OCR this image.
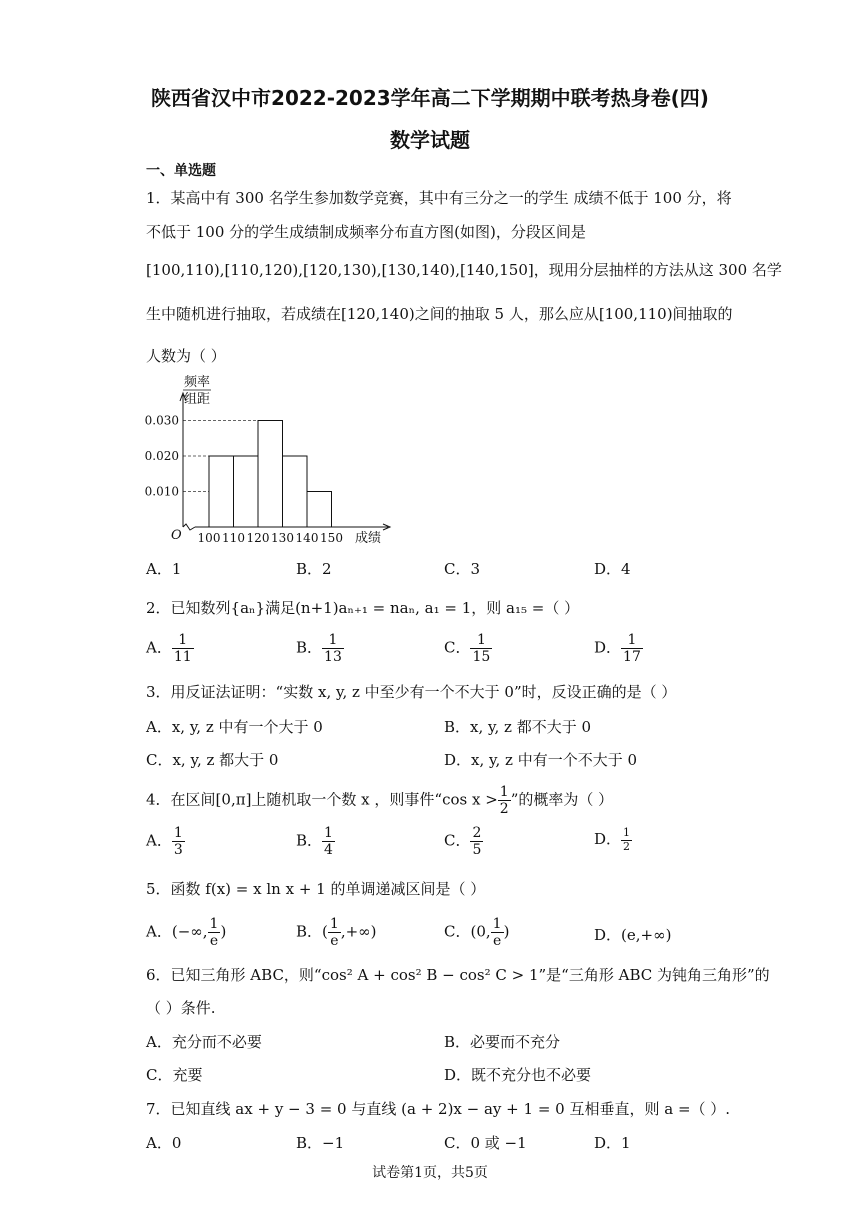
陕西省汉中市2022-2023学年高二下学期期中联考热身卷(四)
数学试题
一、单选题
1．某高中有 300 名学生参加数学竞赛，其中有三分之一的学生 成绩不低于 100 分，将
不低于 100 分的学生成绩制成频率分布直方图(如图)，分段区间是
[100,110),[110,120),[120,130),[130,140),[140,150]，现用分层抽样的方法从这 300 名学
生中随机进行抽取，若成绩在[120,140)之间的抽取 5 人，那么应从[100,110)间抽取的
人数为（ ）
0.010
0.020
0.030
100 110 120 130 140 150
O	成绩
频率
组距
A．1	B．2	C．3	D．4
2．已知数列{aₙ}满足(n+1)aₙ₊₁ = naₙ, a₁ = 1，则 a₁₅ =（ ）
A． $\frac{1}{11}$	B． $\frac{1}{13}$	C． $\frac{1}{15}$	D． $\frac{1}{17}$
3．用反证法证明：“实数 x, y, z 中至少有一个不大于 0”时，反设正确的是（ ）
A．x, y, z 中有一个大于 0	B．x, y, z 都不大于 0
C．x, y, z 都大于 0	D．x, y, z 中有一个不大于 0
4．在区间[0,π]上随机取一个数 x ，则事件“cos $x > \frac{1}{2}$ ”的概率为（ ）
A． $\frac{1}{3}$	B． $\frac{1}{4}$	C． $\frac{2}{5}$	D． $\frac{1}{2}$
5．函数 f(x) = x ln x + 1 的单调递减区间是（ ）
A．(−∞, $\frac{1}{e}$ )	B．( $\frac{1}{e}$ ,+∞)	C．(0, $\frac{1}{e}$ )	D．(e,+∞)
6．已知三角形 ABC，则“cos² A + cos² B − cos² C > 1”是“三角形 ABC 为钝角三角形”的
（ ）条件.
A．充分而不必要	B．必要而不充分
C．充要	D．既不充分也不必要
7．已知直线 ax + y − 3 = 0 与直线 (a + 2)x − ay + 1 = 0 互相垂直，则 a =（ ）.
A．0	B．−1	C．0 或 −1	D．1
试卷第1页，共5页
